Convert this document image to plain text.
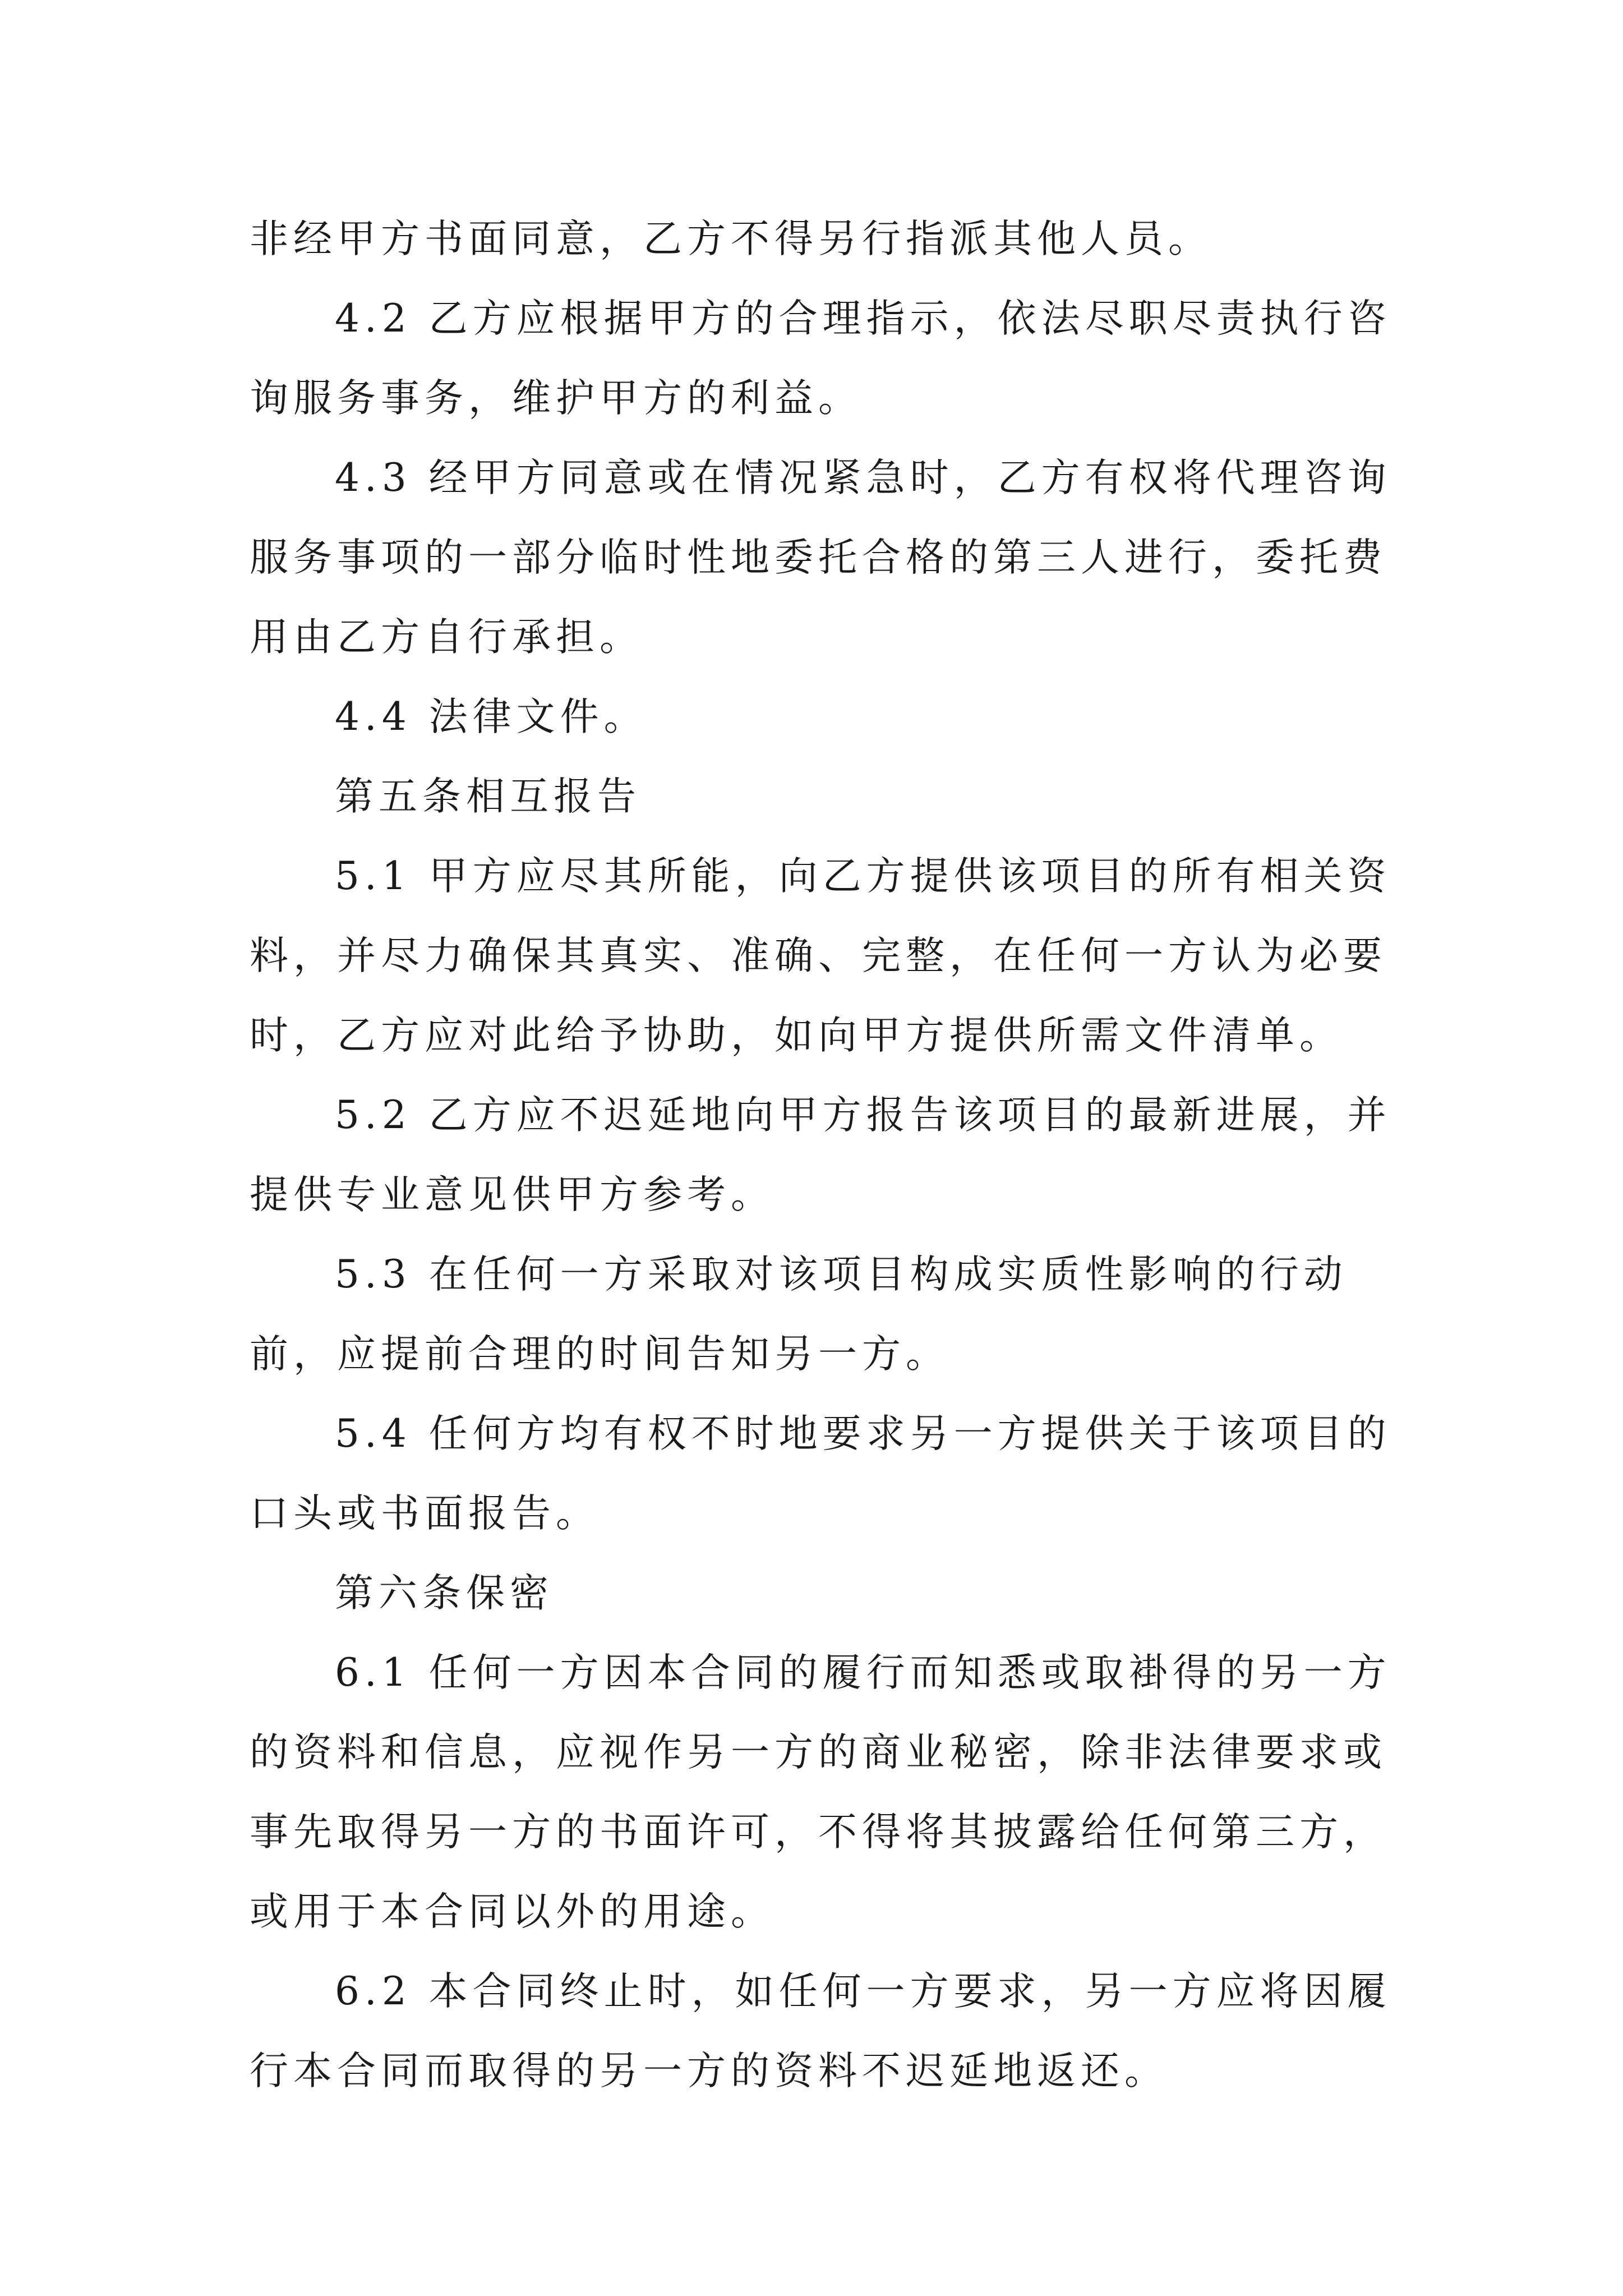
非经甲方书面同意，乙方不得另行指派其他人员。

4.2 乙方应根据甲方的合理指示，依法尽职尽责执行咨询服务事务，维护甲方的利益。

4.3 经甲方同意或在情况紧急时，乙方有权将代理咨询服务事项的一部分临时性地委托合格的第三人进行，委托费用由乙方自行承担。

4.4 法律文件。

第五条相互报告

5.1 甲方应尽其所能，向乙方提供该项目的所有相关资料，并尽力确保其真实、准确、完整，在任何一方认为必要时，乙方应对此给予协助，如向甲方提供所需文件清单。

5.2 乙方应不迟延地向甲方报告该项目的最新进展，并提供专业意见供甲方参考。

5.3 在任何一方采取对该项目构成实质性影响的行动前，应提前合理的时间告知另一方。

5.4 任何方均有权不时地要求另一方提供关于该项目的口头或书面报告。

第六条保密

6.1 任何一方因本合同的履行而知悉或取褂得的另一方的资料和信息，应视作另一方的商业秘密，除非法律要求或事先取得另一方的书面许可，不得将其披露给任何第三方，或用于本合同以外的用途。

6.2 本合同终止时，如任何一方要求，另一方应将因履行本合同而取得的另一方的资料不迟延地返还。
